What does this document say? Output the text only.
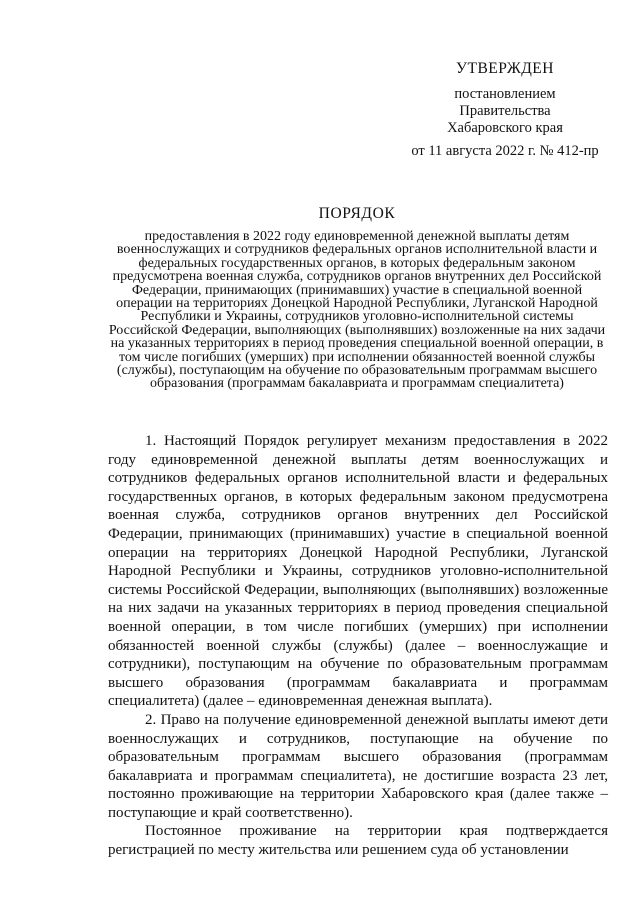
УТВЕРЖДЕН
постановлением
Правительства
Хабаровского края
от 11 августа 2022 г. № 412-пр
ПОРЯДОК
предоставления в 2022 году единовременной денежной выплаты детям военнослужащих и сотрудников федеральных органов исполнительной власти и федеральных государственных органов, в которых федеральным законом предусмотрена военная служба, сотрудников органов внутренних дел Российской Федерации, принимающих (принимавших) участие в специальной военной операции на территориях Донецкой Народной Республики, Луганской Народной Республики и Украины, сотрудников уголовно-исполнительной системы Российской Федерации, выполняющих (выполнявших) возложенные на них задачи на указанных территориях в период проведения специальной военной операции, в том числе погибших (умерших) при исполнении обязанностей военной службы (службы), поступающим на обучение по образовательным программам высшего образования (программам бакалавриата и программам специалитета)

1. Настоящий Порядок регулирует механизм предоставления в 2022 году единовременной денежной выплаты детям военнослужащих и сотрудников федеральных органов исполнительной власти и федеральных государственных органов, в которых федеральным законом предусмотрена военная служба, сотрудников органов внутренних дел Российской Федерации, принимающих (принимавших) участие в специальной военной операции на территориях Донецкой Народной Республики, Луганской Народной Республики и Украины, сотрудников уголовно-исполнительной системы Российской Федерации, выполняющих (выполнявших) возложенные на них задачи на указанных территориях в период проведения специальной военной операции, в том числе погибших (умерших) при исполнении обязанностей военной службы (службы) (далее – военнослужащие и сотрудники), поступающим на обучение по образовательным программам высшего образования (программам бакалавриата и программам специалитета) (далее – единовременная денежная выплата).

2. Право на получение единовременной денежной выплаты имеют дети военнослужащих и сотрудников, поступающие на обучение по образовательным программам высшего образования (программам бакалавриата и программам специалитета), не достигшие возраста 23 лет, постоянно проживающие на территории Хабаровского края (далее также – поступающие и край соответственно).

Постоянное проживание на территории края подтверждается регистрацией по месту жительства или решением суда об установлении
